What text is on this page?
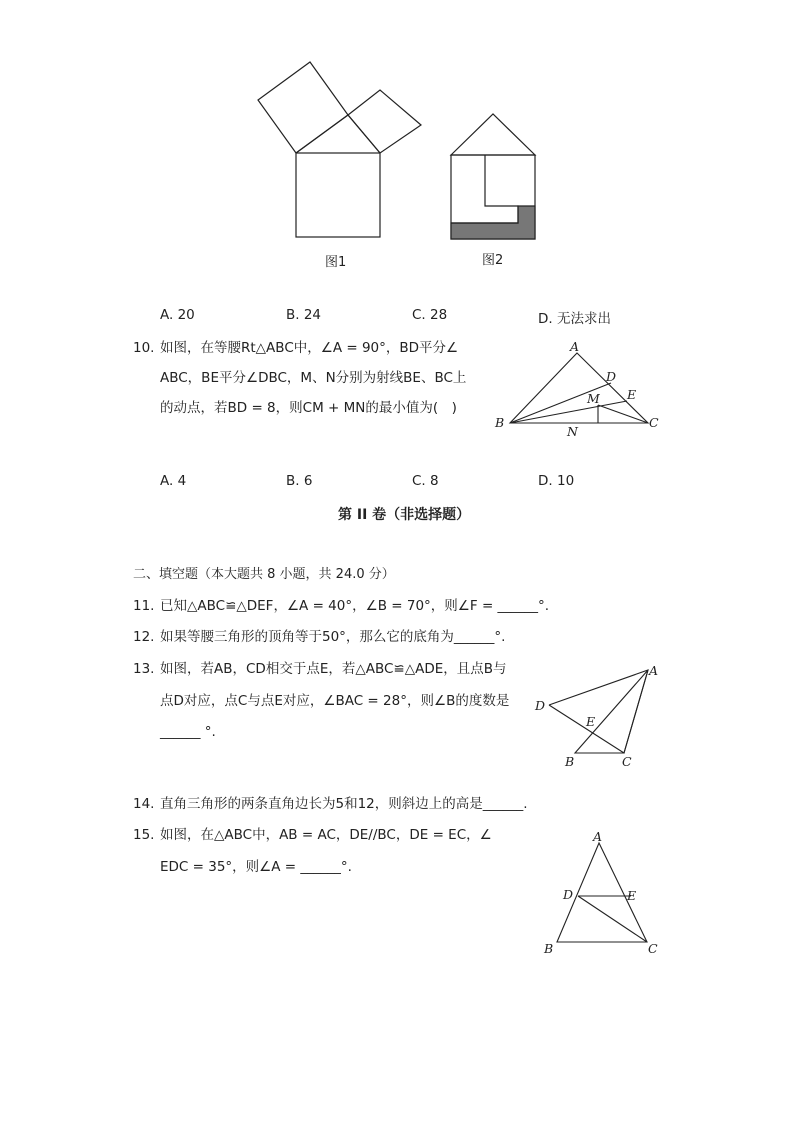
图1	图2
A. 20	B. 24	C. 28	D. 无法求出
10. 如图，在等腰Rt△ABC中，∠A = 90°，BD平分∠
ABC，BE平分∠DBC，M、N分别为射线BE、BC上
的动点，若BD = 8，则CM + MN的最小值为(　)
A
B	C
D
E
M
N
A. 4	B. 6	C. 8	D. 10
第 II 卷（非选择题）
二、填空题（本大题共 8 小题，共 24.0 分）
11. 已知△ABC≌△DEF，∠A = 40°，∠B = 70°，则∠F = ______°.
12. 如果等腰三角形的顶角等于50°，那么它的底角为______°.
13. 如图，若AB，CD相交于点E，若△ABC≌△ADE，且点B与
点D对应，点C与点E对应，∠BAC = 28°，则∠B的度数是
______ °.
A
B	C
D
E
14. 直角三角形的两条直角边长为5和12，则斜边上的高是______.
15. 如图，在△ABC中，AB = AC，DE//BC，DE = EC，∠
EDC = 35°，则∠A = ______°.
A
B	C
D	E
